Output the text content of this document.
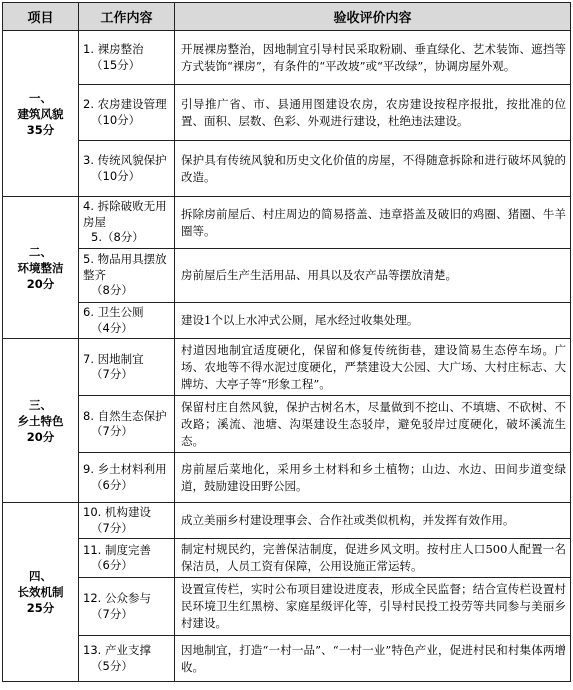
项目	工作内容	验收评价内容

一、
建筑风貌
35分	1. 裸房整治
（15分）	开展裸房整治，因地制宜引导村民采取粉刷、垂直绿化、艺术装饰、遮挡等方式装饰“裸房”，有条件的“平改坡”或“平改绿”，协调房屋外观。

	2. 农房建设管理
（10分）	引导推广省、市、县通用图建设农房，农房建设按程序报批，按批准的位置、面积、层数、色彩、外观进行建设，杜绝违法建设。

	3. 传统风貌保护
（10分）	保护具有传统风貌和历史文化价值的房屋，不得随意拆除和进行破坏风貌的改造。

二、
环境整洁
20分	4. 拆除破败无用房屋
5.（8分）	拆除房前屋后、村庄周边的简易搭盖、违章搭盖及破旧的鸡圈、猪圈、牛羊圈等。

	5. 物品用具摆放整齐
（8分）	房前屋后生产生活用品、用具以及农产品等摆放清楚。

	6. 卫生公厕
（4分）	建设1个以上水冲式公厕，尾水经过收集处理。

三、
乡土特色
20分	7. 因地制宜
（7分）	村道因地制宜适度硬化，保留和修复传统街巷，建设简易生态停车场。广场、农地等不得水泥过度硬化，严禁建设大公园、大广场、大村庄标志、大牌坊、大亭子等“形象工程”。

	8. 自然生态保护
（7分）	保留村庄自然风貌，保护古树名木，尽量做到不挖山、不填塘、不砍树、不改路；溪流、池塘、沟渠建设生态驳岸，避免驳岸过度硬化，破坏溪流生态。

	9. 乡土材料利用
（6分）	房前屋后菜地化，采用乡土材料和乡土植物；山边、水边、田间步道变绿道，鼓励建设田野公园。

四、
长效机制
25分	10. 机构建设
（7分）	成立美丽乡村建设理事会、合作社或类似机构，并发挥有效作用。

	11. 制度完善
（6分）	制定村规民约，完善保洁制度，促进乡风文明。按村庄人口500人配置一名保洁员，人员工资有保障，公用设施正常运转。

	12. 公众参与
（7分）	设置宣传栏，实时公布项目建设进度表，形成全民监督；结合宣传栏设置村民环境卫生红黑榜、家庭星级评化等，引导村民投工投劳等共同参与美丽乡村建设。

	13. 产业支撑
（5分）	因地制宜，打造“一村一品”、“一村一业”特色产业，促进村民和村集体两增收。
